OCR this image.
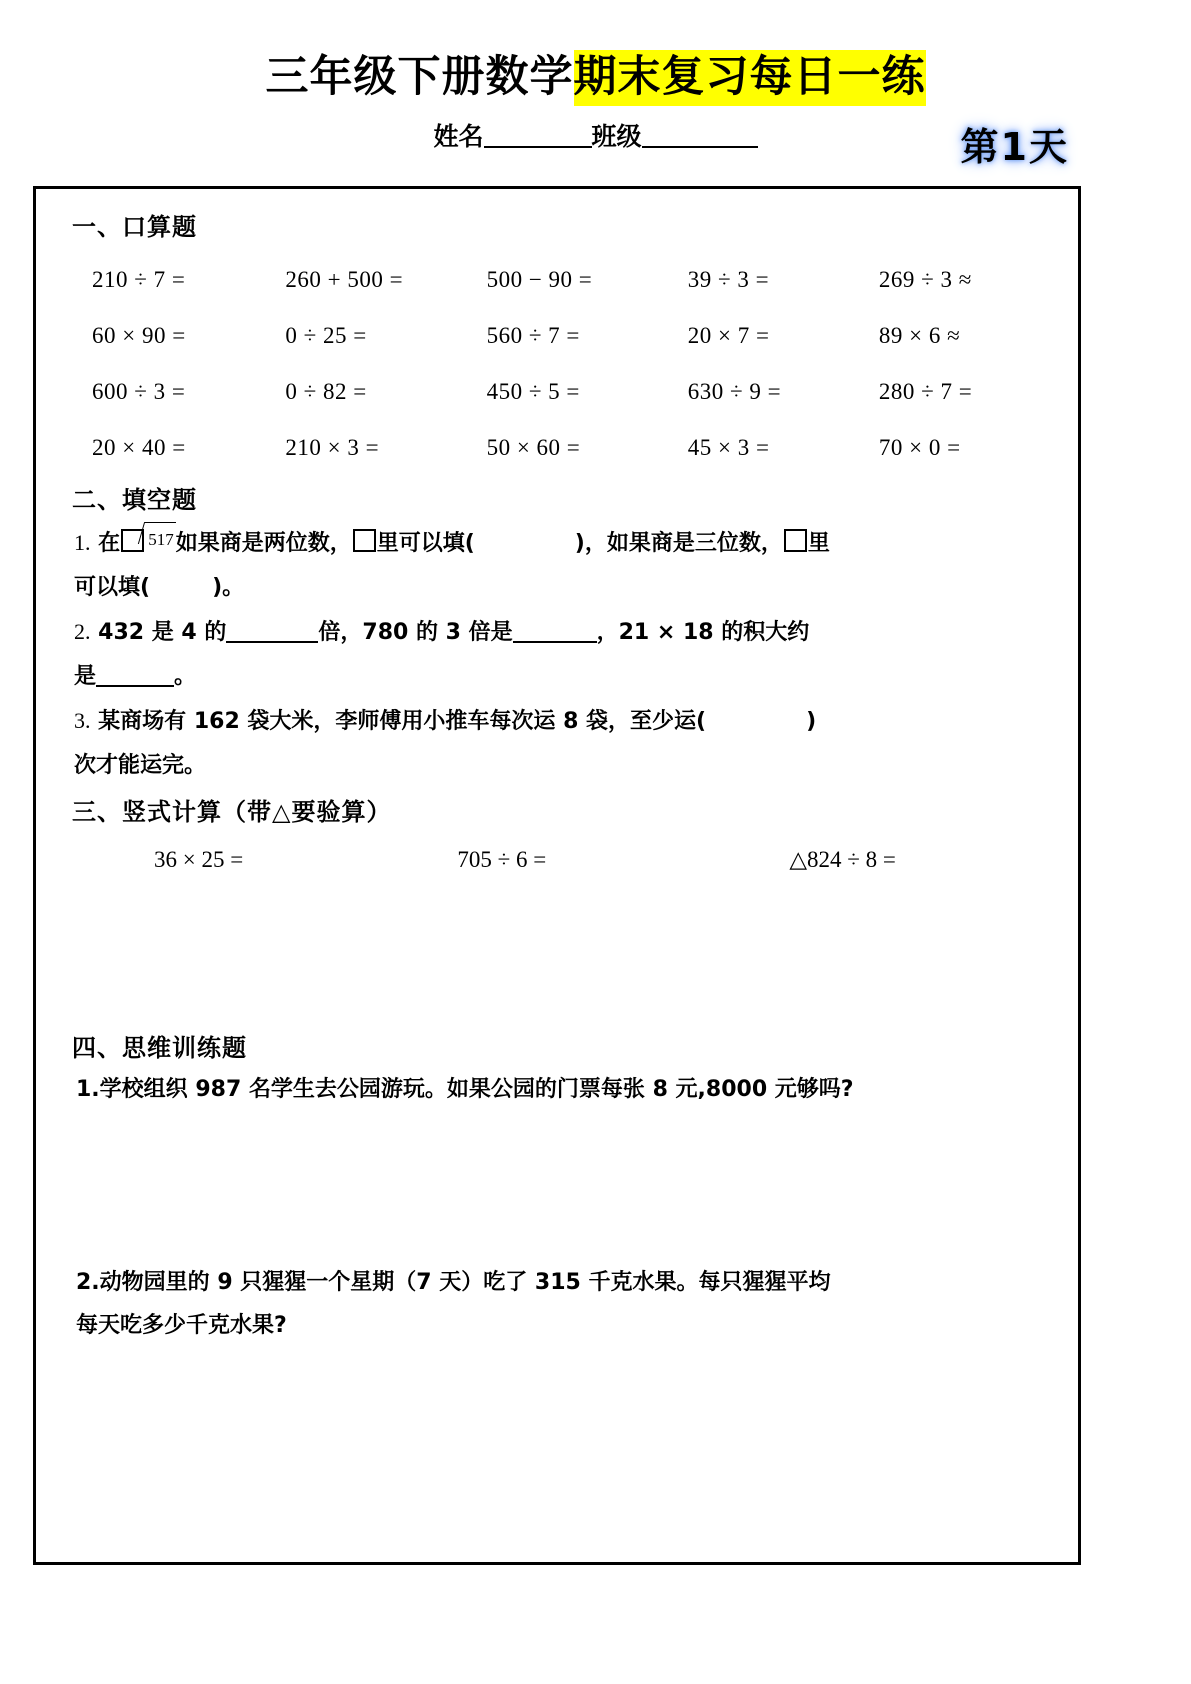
三年级下册数学期末复习每日一练
姓名	班级	第1天
一、口算题
210 ÷ 7 =	260 + 500 =	500 − 90 =	39 ÷ 3 =	269 ÷ 3 ≈
60 × 90 =	0 ÷ 25 =	560 ÷ 7 =	20 × 7 =	89 × 6 ≈
600 ÷ 3 =	0 ÷ 82 =	450 ÷ 5 =	630 ÷ 9 =	280 ÷ 7 =
20 × 40 =	210 × 3 =	50 × 60 =	45 × 3 =	70 × 0 =
二、填空题
1. 在 517如果商是两位数， 里可以填(	)，如果商是三位数， 里
可以填(	)。
2. 432 是 4 的	倍，780 的 3 倍是	，21 × 18 的积大约
是	。
3. 某商场有 162 袋大米，李师傅用小推车每次运 8 袋，至少运(	)
次才能运完。
三、竖式计算（带△要验算）
36 × 25 =	705 ÷ 6 =	△824 ÷ 8 =
四、思维训练题
1.学校组织 987 名学生去公园游玩。如果公园的门票每张 8 元,8000 元够吗?
2.动物园里的 9 只猩猩一个星期（7 天）吃了 315 千克水果。每只猩猩平均
每天吃多少千克水果?
